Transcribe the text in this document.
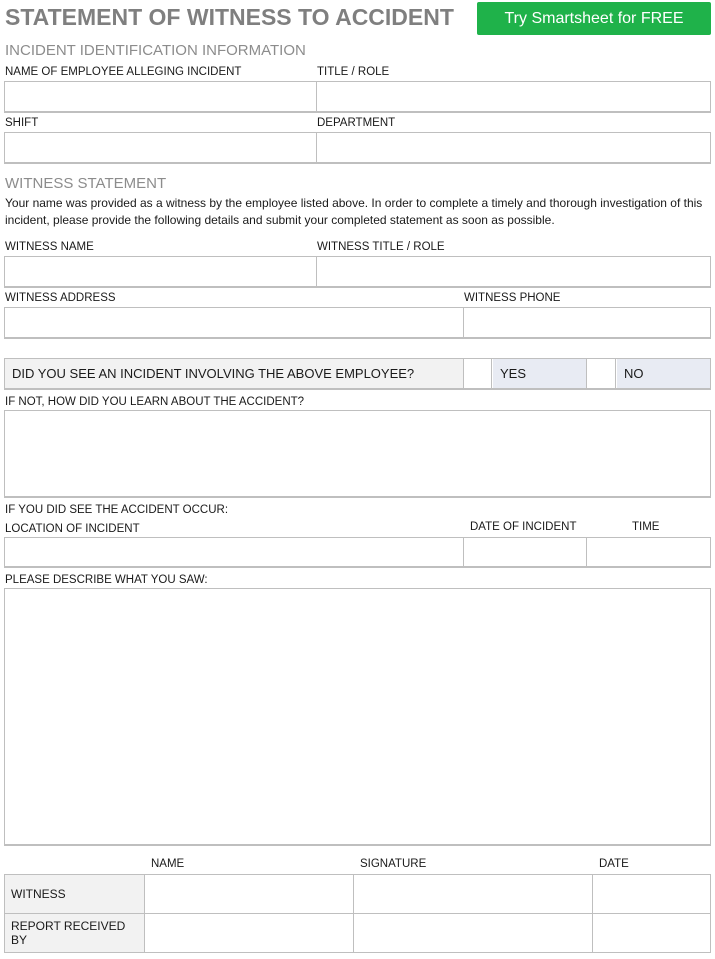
STATEMENT OF WITNESS TO ACCIDENT	Try Smartsheet for FREE
INCIDENT IDENTIFICATION INFORMATION
NAME OF EMPLOYEE ALLEGING INCIDENT	TITLE / ROLE
SHIFT	DEPARTMENT
WITNESS STATEMENT
Your name was provided as a witness by the employee listed above. In order to complete a timely and thorough investigation of this incident, please provide the following details and submit your completed statement as soon as possible.
WITNESS NAME	WITNESS TITLE / ROLE
WITNESS ADDRESS	WITNESS PHONE
DID YOU SEE AN INCIDENT INVOLVING THE ABOVE EMPLOYEE?	YES	NO
IF NOT, HOW DID YOU LEARN ABOUT THE ACCIDENT?
IF YOU DID SEE THE ACCIDENT OCCUR:
LOCATION OF INCIDENT	DATE OF INCIDENT	TIME
PLEASE DESCRIBE WHAT YOU SAW:
NAME	SIGNATURE	DATE
WITNESS
REPORT RECEIVED BY
